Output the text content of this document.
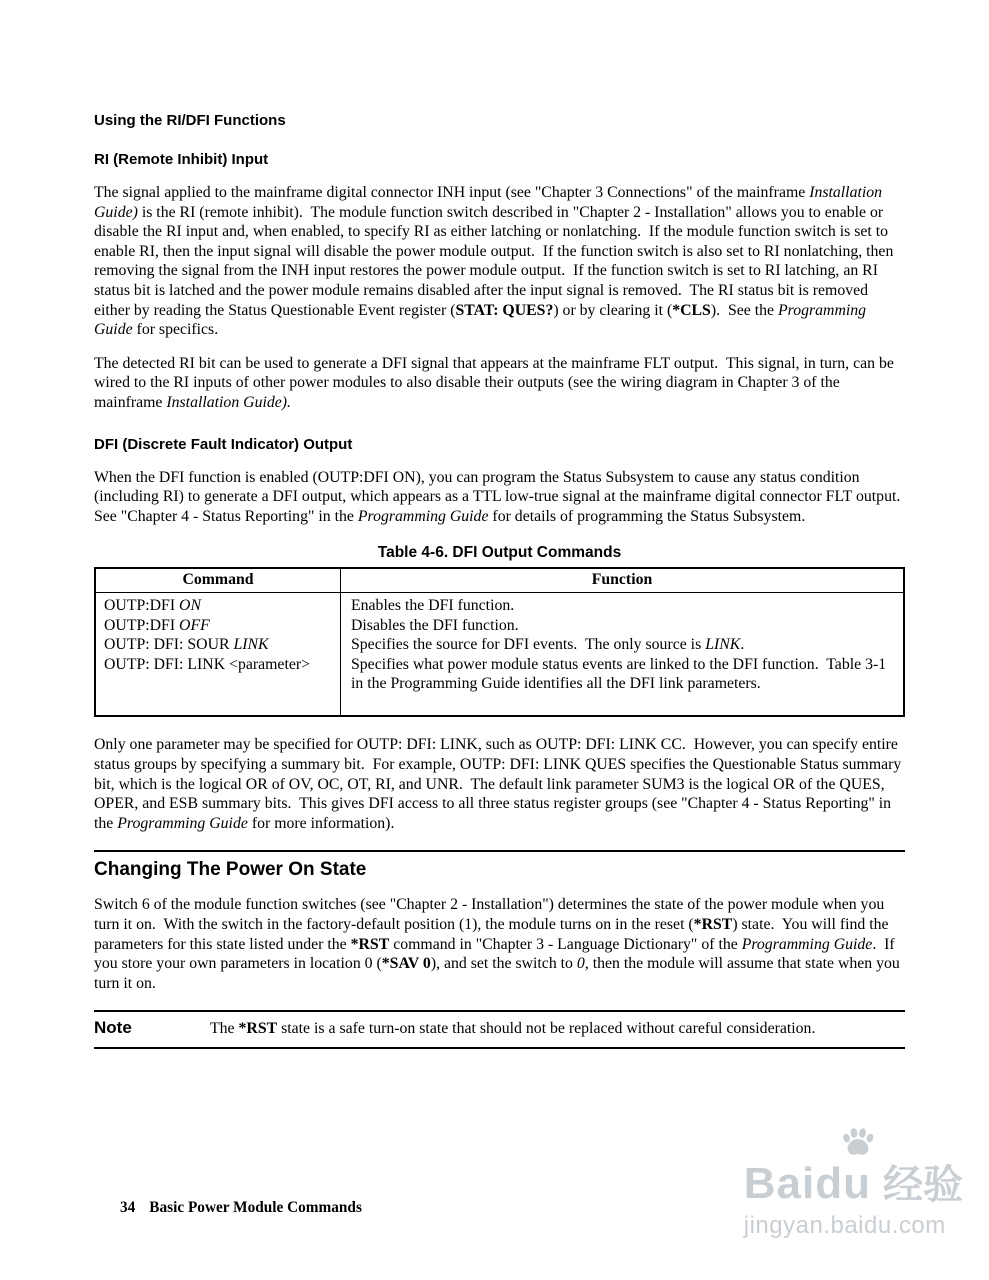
Using the RI/DFI Functions
RI (Remote Inhibit) Input

The signal applied to the mainframe digital connector INH input (see "Chapter 3 Connections" of the mainframe Installation Guide) is the RI (remote inhibit).  The module function switch described in "Chapter 2 - Installation" allows you to enable or disable the RI input and, when enabled, to specify RI as either latching or nonlatching.  If the module function switch is set to enable RI, then the input signal will disable the power module output.  If the function switch is also set to RI nonlatching, then removing the signal from the INH input restores the power module output.  If the function switch is set to RI latching, an RI status bit is latched and the power module remains disabled after the input signal is removed.  The RI status bit is removed either by reading the Status Questionable Event register (STAT: QUES?) or by clearing it (*CLS).  See the Programming Guide for specifics.

The detected RI bit can be used to generate a DFI signal that appears at the mainframe FLT output.  This signal, in turn, can be wired to the RI inputs of other power modules to also disable their outputs (see the wiring diagram in Chapter 3 of the mainframe Installation Guide).

DFI (Discrete Fault Indicator) Output

When the DFI function is enabled (OUTP:DFI ON), you can program the Status Subsystem to cause any status condition (including RI) to generate a DFI output, which appears as a TTL low-true signal at the mainframe digital connector FLT output.  See "Chapter 4 - Status Reporting" in the Programming Guide for details of programming the Status Subsystem.

Table 4-6. DFI Output Commands
Command	Function
OUTP:DFI ON	Enables the DFI function.
OUTP:DFI OFF	Disables the DFI function.
OUTP: DFI: SOUR LINK	Specifies the source for DFI events.  The only source is LINK.
OUTP: DFI: LINK <parameter>	Specifies what power module status events are linked to the DFI function.  Table 3-1 in the Programming Guide identifies all the DFI link parameters.

Only one parameter may be specified for OUTP: DFI: LINK, such as OUTP: DFI: LINK CC.  However, you can specify entire status groups by specifying a summary bit.  For example, OUTP: DFI: LINK QUES specifies the Questionable Status summary bit, which is the logical OR of OV, OC, OT, RI, and UNR.  The default link parameter SUM3 is the logical OR of the QUES, OPER, and ESB summary bits.  This gives DFI access to all three status register groups (see "Chapter 4 - Status Reporting" in the Programming Guide for more information).

Changing The Power On State

Switch 6 of the module function switches (see "Chapter 2 - Installation") determines the state of the power module when you turn it on.  With the switch in the factory-default position (1), the module turns on in the reset (*RST) state.  You will find the parameters for this state listed under the *RST command in "Chapter 3 - Language Dictionary" of the Programming Guide.  If you store your own parameters in location 0 (*SAV 0), and set the switch to 0, then the module will assume that state when you turn it on.

Note	The *RST state is a safe turn-on state that should not be replaced without careful consideration.

34 Basic Power Module Commands	Baidu 经验
jingyan.baidu.com
